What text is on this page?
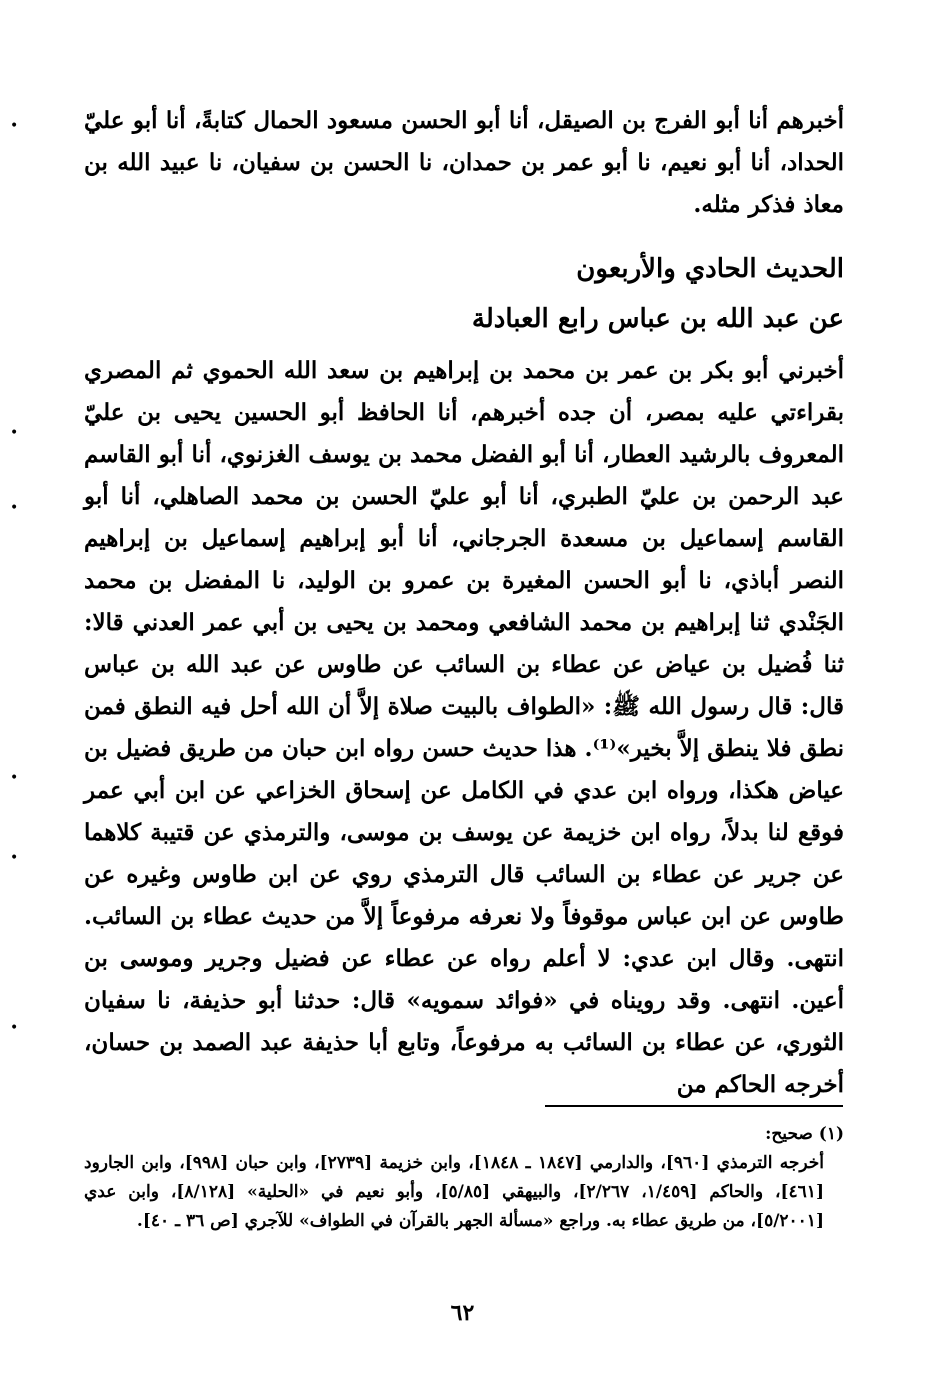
أخبرهم أنا أبو الفرج بن الصيقل، أنا أبو الحسن مسعود الحمال كتابةً، أنا أبو عليّ الحداد، أنا أبو نعيم، نا أبو عمر بن حمدان، نا الحسن بن سفيان، نا عبيد الله بن معاذ فذكر مثله.

الحديث الحادي والأربعون
عن عبد الله بن عباس رابع العبادلة

أخبرني أبو بكر بن عمر بن محمد بن إبراهيم بن سعد الله الحموي ثم المصري بقراءتي عليه بمصر، أن جده أخبرهم، أنا الحافظ أبو الحسين يحيى بن عليّ المعروف بالرشيد العطار، أنا أبو الفضل محمد بن يوسف الغزنوي، أنا أبو القاسم عبد الرحمن بن عليّ الطبري، أنا أبو عليّ الحسن بن محمد الصاهلي، أنا أبو القاسم إسماعيل بن مسعدة الجرجاني، أنا أبو إبراهيم إسماعيل بن إبراهيم النصر أباذي، نا أبو الحسن المغيرة بن عمرو بن الوليد، نا المفضل بن محمد الجَنْدي ثنا إبراهيم بن محمد الشافعي ومحمد بن يحيى بن أبي عمر العدني قالا: ثنا فُضيل بن عياض عن عطاء بن السائب عن طاوس عن عبد الله بن عباس قال: قال رسول الله ﷺ: «الطواف بالبيت صلاة إلاَّ أن الله أحل فيه النطق فمن نطق فلا ينطق إلاَّ بخير»⁽¹⁾. هذا حديث حسن رواه ابن حبان من طريق فضيل بن عياض هكذا، ورواه ابن عدي في الكامل عن إسحاق الخزاعي عن ابن أبي عمر فوقع لنا بدلاً، رواه ابن خزيمة عن يوسف بن موسى، والترمذي عن قتيبة كلاهما عن جرير عن عطاء بن السائب قال الترمذي روي عن ابن طاوس وغيره عن طاوس عن ابن عباس موقوفاً ولا نعرفه مرفوعاً إلاَّ من حديث عطاء بن السائب. انتهى. وقال ابن عدي: لا أعلم رواه عن عطاء عن فضيل وجرير وموسى بن أعين. انتهى. وقد رويناه في «فوائد سمويه» قال: حدثنا أبو حذيفة، نا سفيان الثوري، عن عطاء بن السائب به مرفوعاً، وتابع أبا حذيفة عبد الصمد بن حسان، أخرجه الحاكم من

(١) صحيح:

أخرجه الترمذي [٩٦٠]، والدارمي [١٨٤٧ ـ ١٨٤٨]، وابن خزيمة [٢٧٣٩]، وابن حبان [٩٩٨]، وابن الجارود [٤٦١]، والحاكم [١/٤٥٩، ٢/٢٦٧]، والبيهقي [٥/٨٥]، وأبو نعيم في «الحلية» [٨/١٢٨]، وابن عدي [٥/٢٠٠١]، من طريق عطاء به. وراجع «مسألة الجهر بالقرآن في الطواف» للآجري [ص ٣٦ ـ ٤٠].

٦٢
•
•
•
•
•
•
